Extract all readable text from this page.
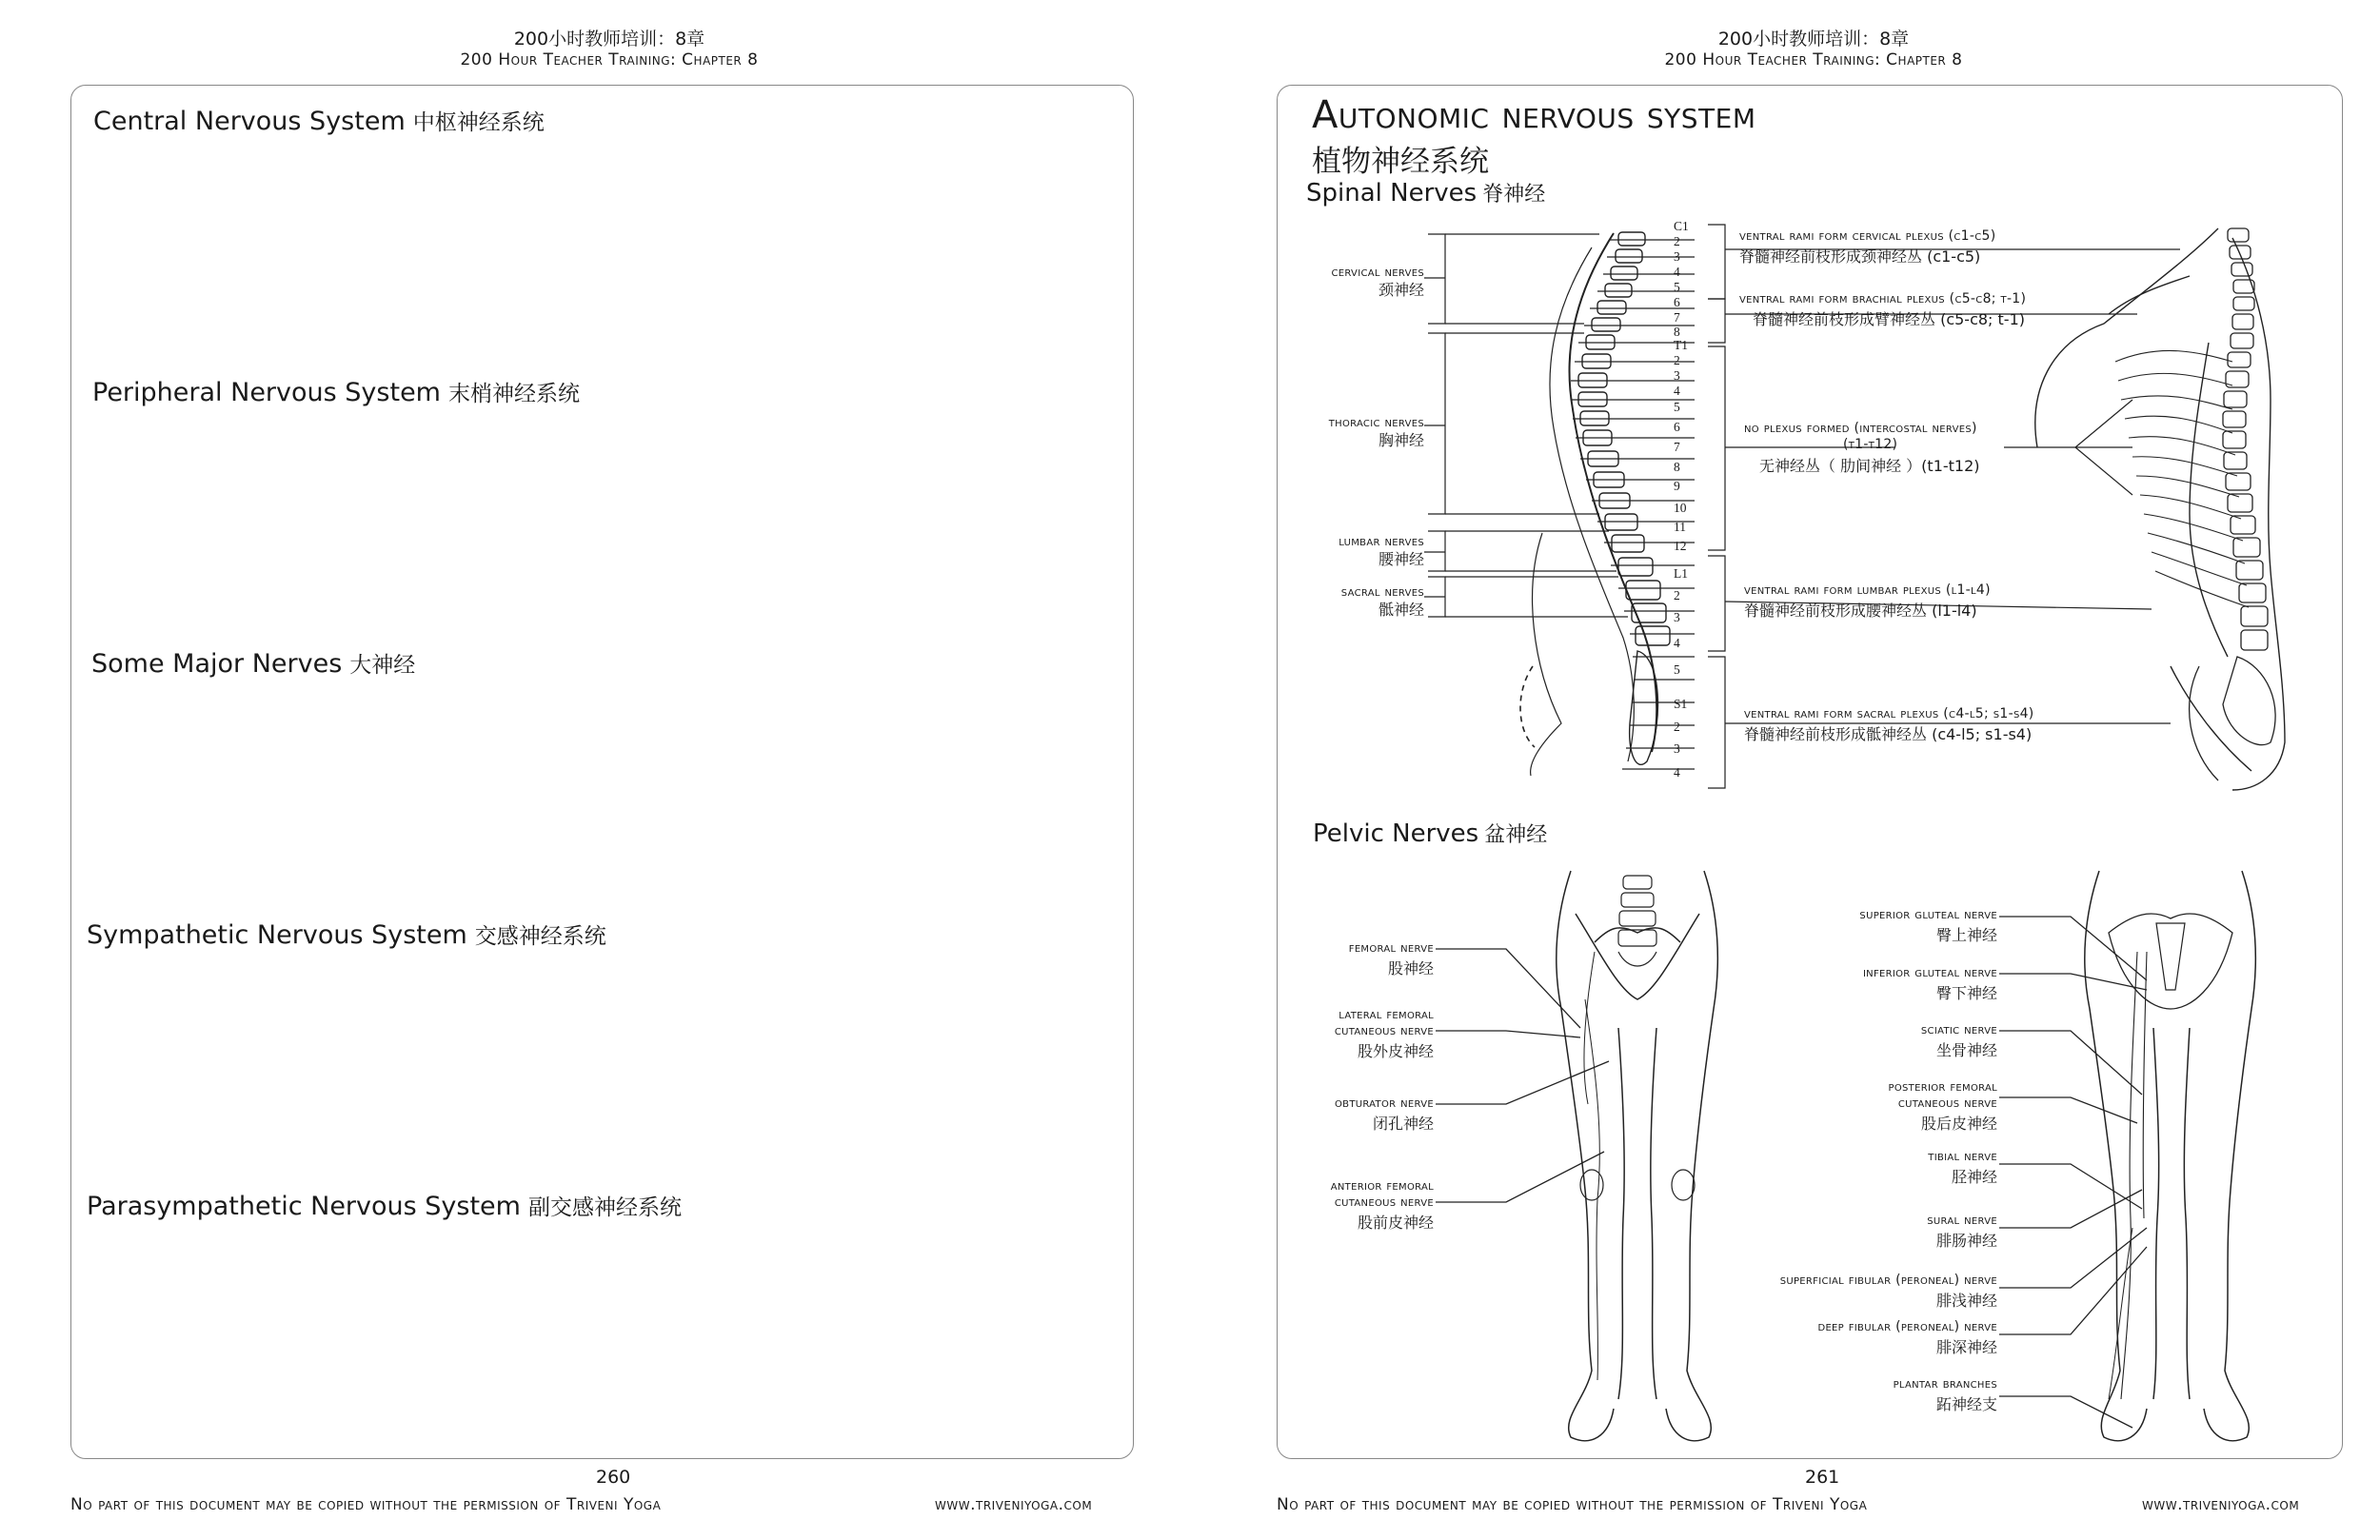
200小时教师培训：8章
200 Hour Teacher Training: Chapter 8
200小时教师培训：8章
200 Hour Teacher Training: Chapter 8
Central Nervous System 中枢神经系统
Peripheral Nervous System 末梢神经系统
Some Major Nerves 大神经
Sympathetic Nervous System 交感神经系统
Parasympathetic Nervous System 副交感神经系统
260
No part of this document may be copied without the permission of Triveni Yoga	www.triveniyoga.com
Autonomic nervous system
植物神经系统
Spinal Nerves 脊神经
Pelvic Nerves 盆神经
cervical nerves
颈神经
thoracic nerves
胸神经
lumbar nerves
腰神经
sacral nerves
骶神经
C1
2
3
4
5
6
7
8
T1
2
3
4
5
6
7
8
9
10
11
12
L1
2
3
4
5
S1
2
3
4
ventral rami form cervical plexus (c1-c5)
脊髓神经前枝形成颈神经丛 (c1-c5)
ventral rami form brachial plexus (c5-c8; t-1)
脊髓神经前枝形成臂神经丛 (c5-c8; t-1)
no plexus formed (intercostal nerves)
(t1-t12)
无神经丛（ 肋间神经 ）(t1-t12)
ventral rami form lumbar plexus (l1-l4)
脊髓神经前枝形成腰神经丛 (l1-l4)
ventral rami form sacral plexus (c4-l5; s1-s4)
脊髓神经前枝形成骶神经丛 (c4-l5; s1-s4)
femoral nerve
股神经
lateral femoral
cutaneous nerve
股外皮神经
obturator nerve
闭孔神经
anterior femoral
cutaneous nerve
股前皮神经
superior gluteal nerve
臀上神经
inferior gluteal nerve
臀下神经
sciatic nerve
坐骨神经
posterior femoral
cutaneous nerve
股后皮神经
tibial nerve
胫神经
sural nerve
腓肠神经
superficial fibular (peroneal) nerve
腓浅神经
deep fibular (peroneal) nerve
腓深神经
plantar branches
跖神经支
261
No part of this document may be copied without the permission of Triveni Yoga	www.triveniyoga.com
